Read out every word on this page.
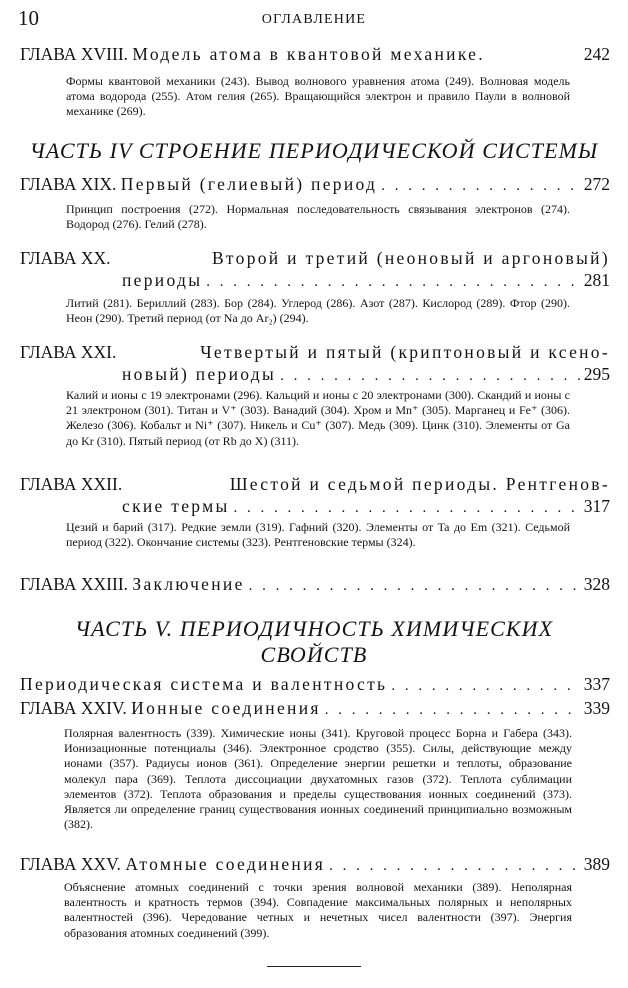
10	ОГЛАВЛЕНИЕ
ГЛАВА XVIII.
Модель атома в квантовой механике.	242
Формы квантовой механики (243). Вывод волнового уравнения атома (249). Волновая модель атома водорода (255). Атом гелия (265). Вращающийся электрон и правило Паули в волновой механике (269).
ЧАСТЬ IV СТРОЕНИЕ ПЕРИОДИЧЕСКОЙ СИСТЕМЫ
ГЛАВА XIX.
Первый (гелиевый) период . . .	272
Принцип построения (272). Нормальная последовательность связывания электронов (274). Водород (276). Гелий (278).
ГЛАВА XX.
	Второй и третий (неоновый и аргоновый)
периоды . . .	281
Литий (281). Бериллий (283). Бор (284). Углерод (286). Азот (287). Кислород (289). Фтор (290). Неон (290). Третий период (от Na до Ar₂) (294).
ГЛАВА XXI.
	Четвертый и пятый (криптоновый и ксено-
новый) периоды . . .	295
Калий и ионы с 19 электронами (296). Кальций и ионы с 20 электронами (300). Скандий и ионы с 21 электроном (301). Титан и V⁺ (303). Ванадий (304). Хром и Mn⁺ (305). Марганец и Fe⁺ (306). Железо (306). Кобальт и Ni⁺ (307). Никель и Cu⁺ (307). Медь (309). Цинк (310). Элементы от Ga до Kr (310). Пятый период (от Rb до X) (311).
ГЛАВА XXII.
	Шестой и седьмой периоды. Рентгенов-
ские термы . . .	317
Цезий и барий (317). Редкие земли (319). Гафний (320). Элементы от Ta до Em (321). Седьмой период (322). Окончание системы (323). Рентгеновские термы (324).
ГЛАВА XXIII.
Заключение . . .	328
ЧАСТЬ V. ПЕРИОДИЧНОСТЬ ХИМИЧЕСКИХ
СВОЙСТВ
Периодическая система и валентность . . .	337
ГЛАВА XXIV.
Ионные соединения . . .	339
Полярная валентность (339). Химические ионы (341). Круговой процесс Борна и Габера (343). Ионизационные потенциалы (346). Электронное сродство (355). Силы, действующие между ионами (357). Радиусы ионов (361). Определение энергии решетки и теплоты, образование молекул пара (369). Теплота диссоциации двухатомных газов (372). Теплота сублимации элементов (372). Теплота образования и пределы существования ионных соединений (373). Является ли определение границ существования ионных соединений принципиально возможным (382).
ГЛАВА XXV.
Атомные соединения . . .	389
Объяснение атомных соединений с точки зрения волновой механики (389). Неполярная валентность и кратность термов (394). Совпадение максимальных полярных и неполярных валентностей (396). Чередование четных и нечетных чисел валентности (397). Энергия образования атомных соединений (399).
